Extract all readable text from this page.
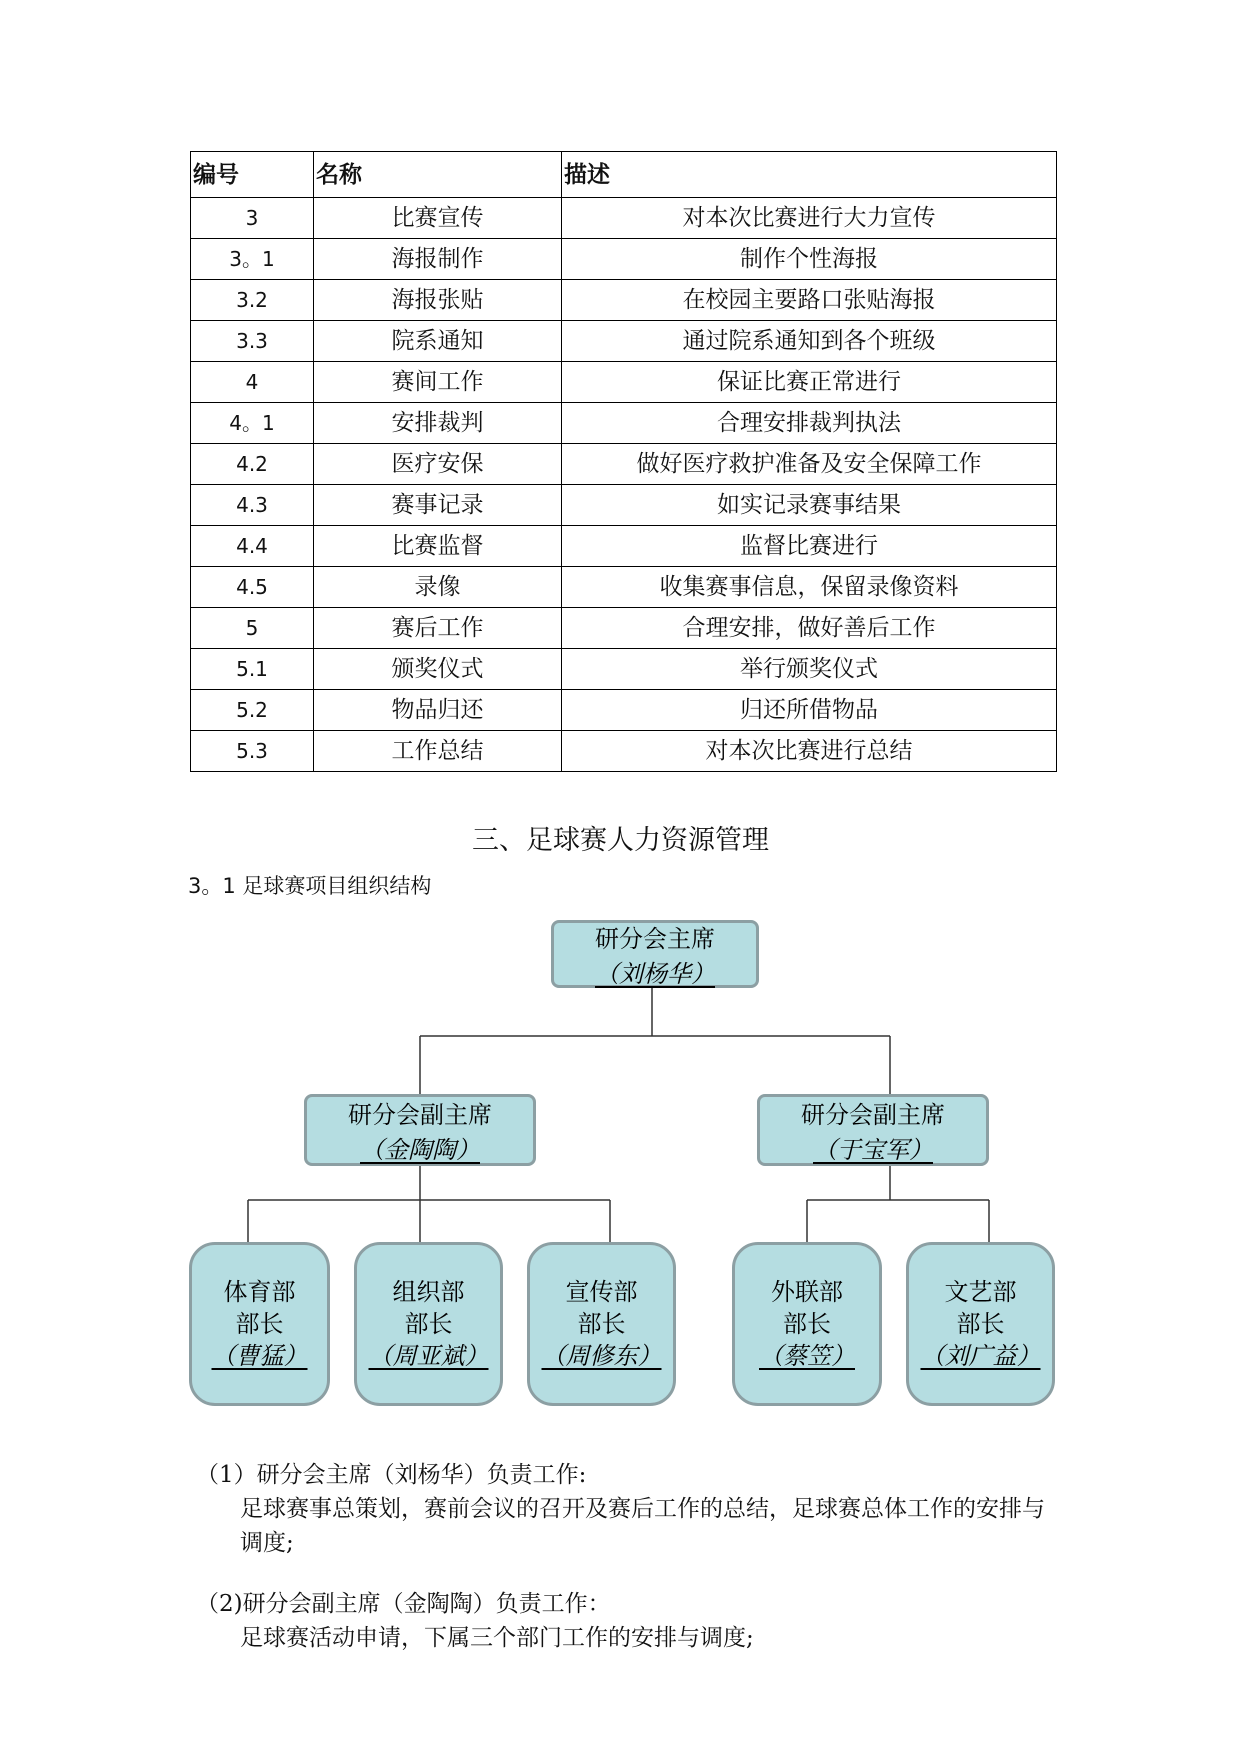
编号	名称	描述
3	比赛宣传	对本次比赛进行大力宣传
3。1	海报制作	制作个性海报
3.2	海报张贴	在校园主要路口张贴海报
3.3	院系通知	通过院系通知到各个班级
4	赛间工作	保证比赛正常进行
4。1	安排裁判	合理安排裁判执法
4.2	医疗安保	做好医疗救护准备及安全保障工作
4.3	赛事记录	如实记录赛事结果
4.4	比赛监督	监督比赛进行
4.5	录像	收集赛事信息，保留录像资料
5	赛后工作	合理安排，做好善后工作
5.1	颁奖仪式	举行颁奖仪式
5.2	物品归还	归还所借物品
5.3	工作总结	对本次比赛进行总结
三、足球赛人力资源管理
3。1 足球赛项目组织结构
研分会主席
（刘杨华）
研分会副主席
（金陶陶）
研分会副主席
（于宝军）
体育部
部长
（曹猛）
组织部
部长
（周亚斌）
宣传部
部长
（周修东）
外联部
部长
（蔡笠）
文艺部
部长
（刘广益）
（1）研分会主席（刘杨华）负责工作:
足球赛事总策划，赛前会议的召开及赛后工作的总结，足球赛总体工作的安排与调度;
（2)研分会副主席（金陶陶）负责工作：
足球赛活动申请，下属三个部门工作的安排与调度;
